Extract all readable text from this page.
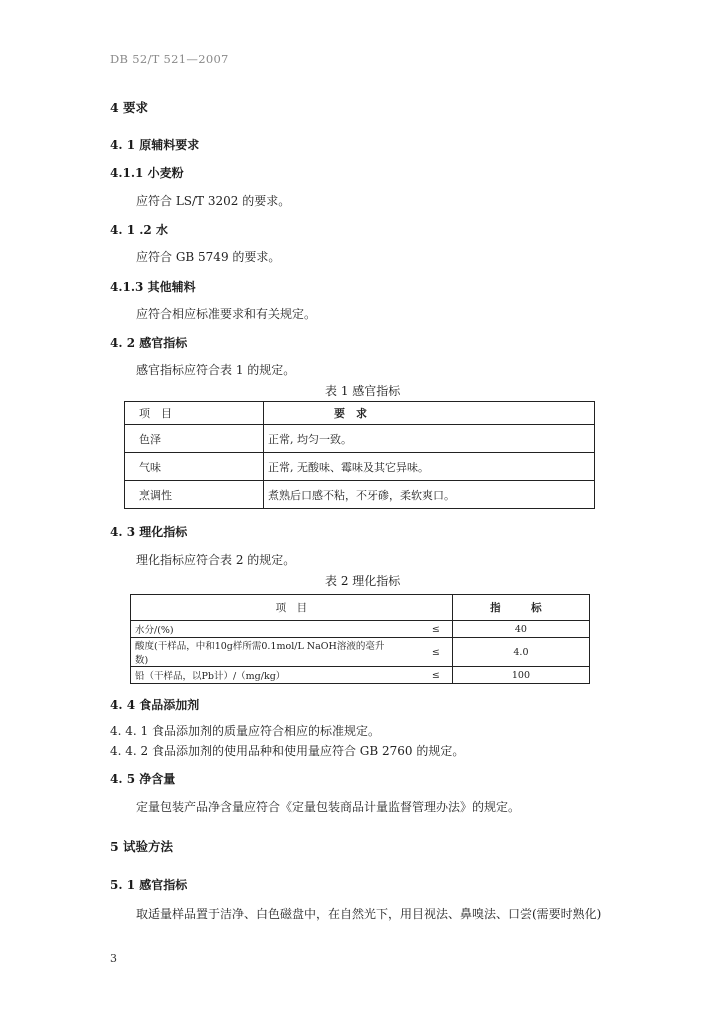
DB 52/T 521—2007
4 要求
4. 1 原辅料要求
4.1.1 小麦粉
应符合 LS/T 3202 的要求。
4. 1 .2 水
应符合 GB 5749 的要求。
4.1.3 其他辅料
应符合相应标准要求和有关规定。
4. 2 感官指标
感官指标应符合表 1 的规定。
表 1 感官指标
项　目	要　求
色泽	正常, 均匀一致。
气味	正常, 无酸味、霉味及其它异味。
烹调性	煮熟后口感不粘，不牙碜，柔软爽口。
4. 3 理化指标
理化指标应符合表 2 的规定。
表 2 理化指标
项　目		指　标
水分/(%)	≤	40
酸度(干样品，中和10g样所需0.1mol/L NaOH溶液的毫升数)	≤	4.0
铅（干样品，以Pb计）/（mg/kg）	≤	100
4. 4 食品添加剂
4. 4. 1 食品添加剂的质量应符合相应的标准规定。
4. 4. 2 食品添加剂的使用品种和使用量应符合 GB 2760 的规定。
4. 5 净含量
定量包装产品净含量应符合《定量包装商品计量监督管理办法》的规定。
5 试验方法
5. 1 感官指标
取适量样品置于洁净、白色磁盘中，在自然光下，用目视法、鼻嗅法、口尝(需要时熟化)
3
